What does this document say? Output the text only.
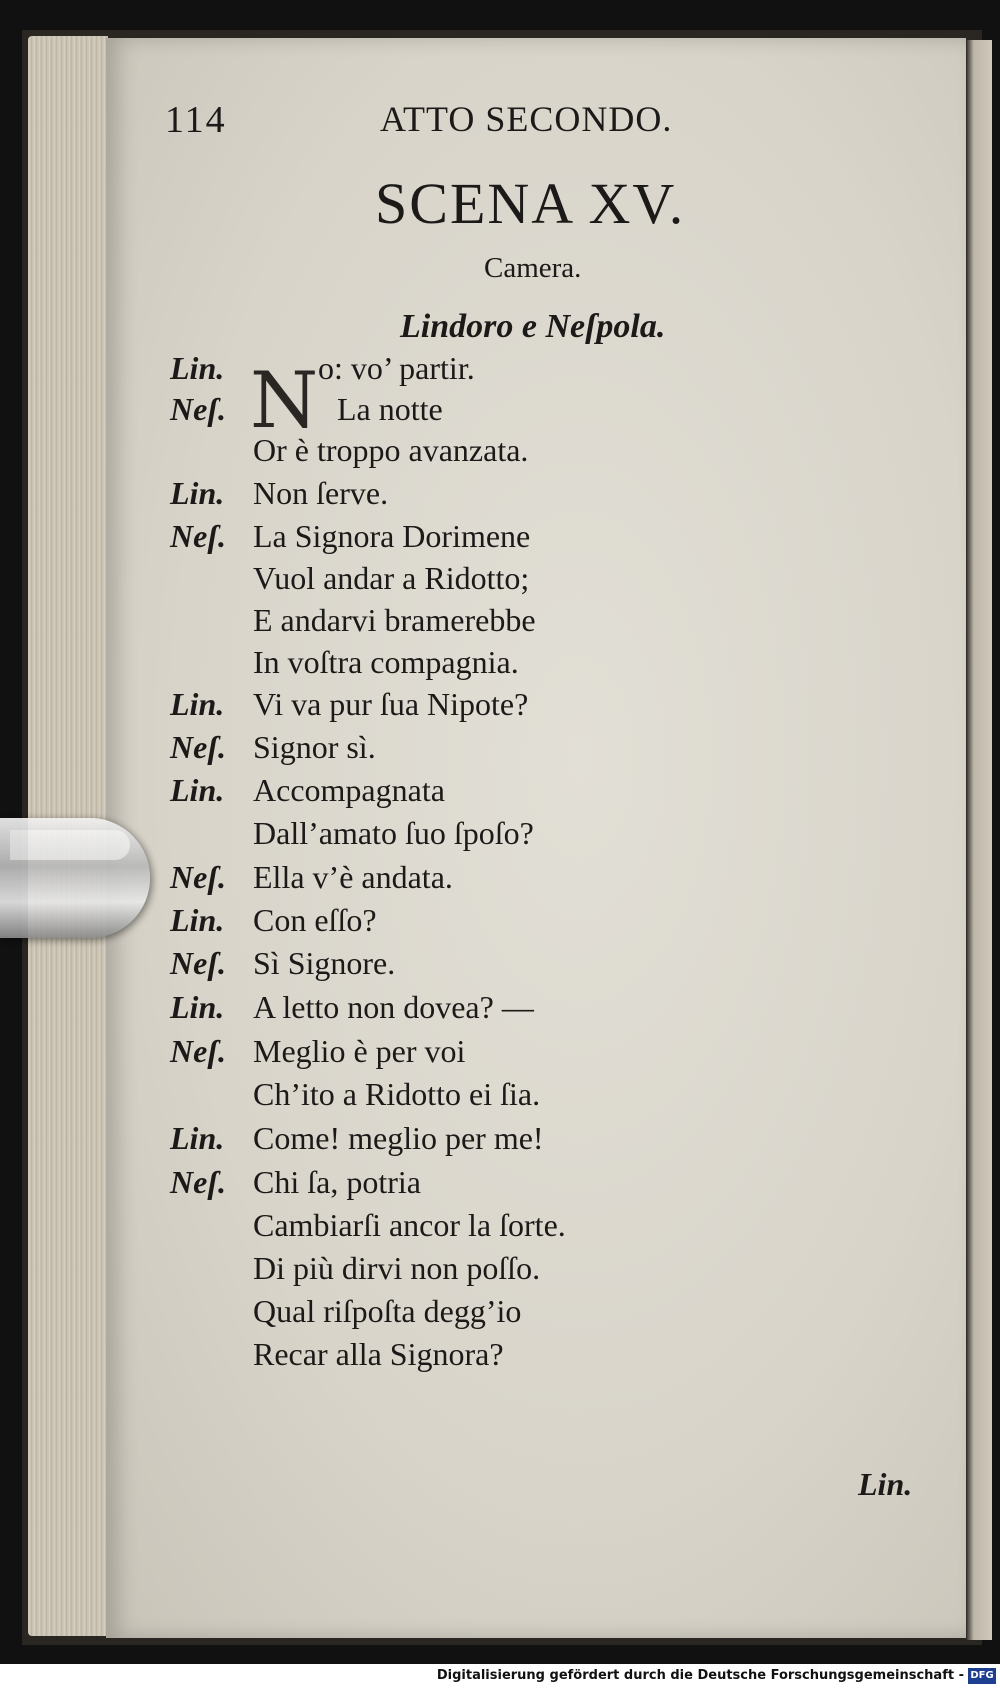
114	ATTO SECONDO.
SCENA XV.
Camera.
Lindoro e Neſpola.
N
Lin.	o: vo’ partir.
Neſ.	La notte
Or è troppo avanzata.
Lin. Non ſerve.
Neſ. La Signora Dorimene
Vuol andar a Ridotto;
E andarvi bramerebbe
In voſtra compagnia.
Lin. Vi va pur ſua Nipote?
Neſ. Signor sì.
Lin. Accompagnata
Dall’amato ſuo ſpoſo?
Neſ. Ella v’è andata.
Lin. Con eſſo?
Neſ. Sì Signore.
Lin. A letto non dovea? —
Neſ. Meglio è per voi
Ch’ito a Ridotto ei ſia.
Lin. Come! meglio per me!
Neſ. Chi ſa, potria
Cambiarſi ancor la ſorte.
Di più dirvi non poſſo.
Qual riſpoſta degg’io
Recar alla Signora?
Lin.
Digitalisierung gefördert durch die Deutsche Forschungsgemeinschaft - DFG
